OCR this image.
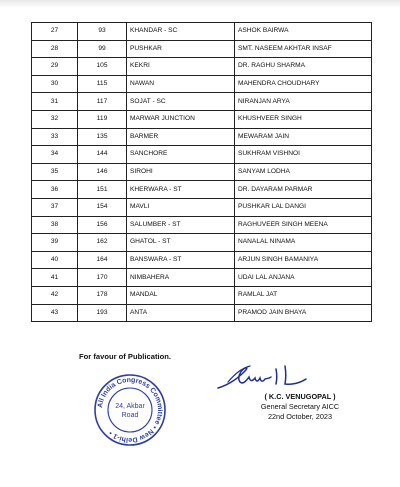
27	93	KHANDAR - SC	ASHOK BAIRWA
28	99	PUSHKAR	SMT. NASEEM AKHTAR INSAF
29	105	KEKRI	DR. RAGHU SHARMA
30	115	NAWAN	MAHENDRA CHOUDHARY
31	117	SOJAT - SC	NIRANJAN ARYA
32	119	MARWAR JUNCTION	KHUSHVEER SINGH
33	135	BARMER	MEWARAM JAIN
34	144	SANCHORE	SUKHRAM VISHNOI
35	146	SIROHI	SANYAM LODHA
36	151	KHERWARA - ST	DR. DAYARAM PARMAR
37	154	MAVLI	PUSHKAR LAL DANGI
38	156	SALUMBER - ST	RAGHUVEER SINGH MEENA
39	162	GHATOL - ST	NANALAL NINAMA
40	164	BANSWARA - ST	ARJUN SINGH BAMANIYA
41	170	NIMBAHERA	UDAI LAL ANJANA
42	178	MANDAL	RAMLAL JAT
43	193	ANTA	PRAMOD JAIN BHAYA
For favour of Publication.
All India Congress Committee • New Delhi-1 •
24, Akbar
Road
( K.C. VENUGOPAL )
General Secretary AICC
22nd October, 2023
